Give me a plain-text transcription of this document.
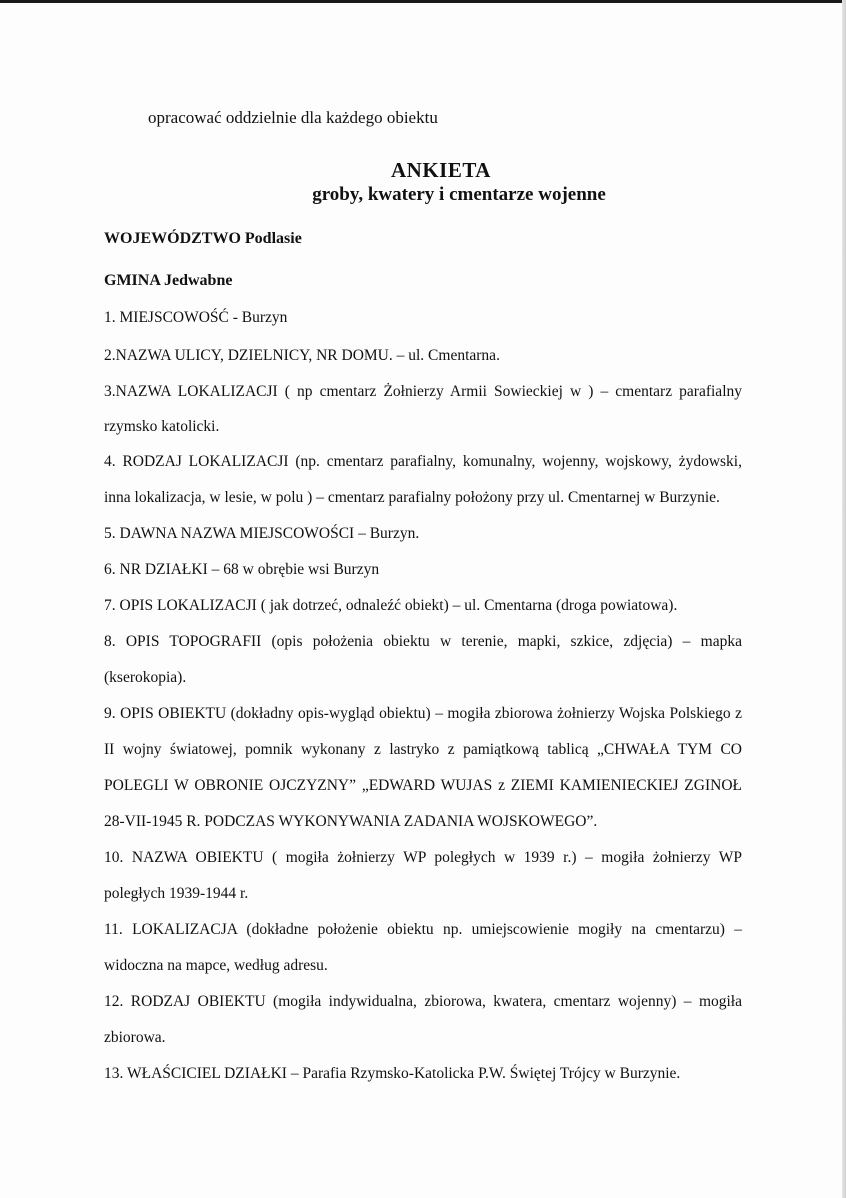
opracować oddzielnie dla każdego obiektu
ANKIETA
groby, kwatery i cmentarze wojenne
WOJEWÓDZTWO Podlasie
GMINA Jedwabne
1. MIEJSCOWOŚĆ - Burzyn
2.NAZWA ULICY, DZIELNICY, NR DOMU. – ul. Cmentarna.
3.NAZWA LOKALIZACJI ( np cmentarz Żołnierzy Armii Sowieckiej w ) – cmentarz parafialny
rzymsko katolicki.
4. RODZAJ LOKALIZACJI (np. cmentarz parafialny, komunalny, wojenny, wojskowy, żydowski,
inna lokalizacja, w lesie, w polu ) – cmentarz parafialny położony przy ul. Cmentarnej w Burzynie.
5. DAWNA NAZWA MIEJSCOWOŚCI – Burzyn.
6. NR DZIAŁKI – 68 w obrębie wsi Burzyn
7. OPIS LOKALIZACJI ( jak dotrzeć, odnaleźć obiekt) – ul. Cmentarna (droga powiatowa).
8. OPIS TOPOGRAFII (opis położenia obiektu w terenie, mapki, szkice, zdjęcia) – mapka
(kserokopia).
9. OPIS OBIEKTU (dokładny opis-wygląd obiektu) – mogiła zbiorowa żołnierzy Wojska Polskiego z
II wojny światowej, pomnik wykonany z lastryko z pamiątkową tablicą „CHWAŁA TYM CO
POLEGLI W OBRONIE OJCZYZNY” „EDWARD WUJAS z ZIEMI KAMIENIECKIEJ ZGINOŁ
28-VII-1945 R. PODCZAS WYKONYWANIA ZADANIA WOJSKOWEGO”.
10. NAZWA OBIEKTU ( mogiła żołnierzy WP poległych w 1939 r.) – mogiła żołnierzy WP
poległych 1939-1944 r.
11. LOKALIZACJA (dokładne położenie obiektu np. umiejscowienie mogiły na cmentarzu) –
widoczna na mapce, według adresu.
12. RODZAJ OBIEKTU (mogiła indywidualna, zbiorowa, kwatera, cmentarz wojenny) – mogiła
zbiorowa.
13. WŁAŚCICIEL DZIAŁKI – Parafia Rzymsko-Katolicka P.W. Świętej Trójcy w Burzynie.
